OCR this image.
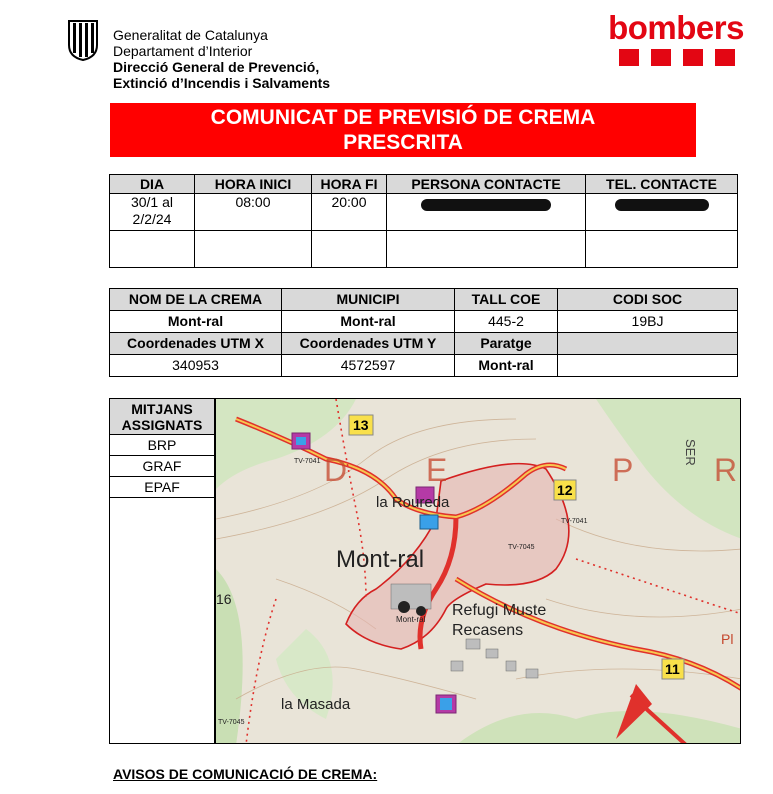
Generalitat de Catalunya
Departament d’Interior
Direcció General de Prevenció,
Extinció d’Incendis i Salvaments
bombers
COMUNICAT DE PREVISIÓ DE CREMA
PRESCRITA
DIA	HORA INICI	HORA FI	PERSONA CONTACTE	TEL. CONTACTE
30/1 al 2/2/24	08:00	20:00		

NOM DE LA CREMA	MUNICIPI	TALL COE	CODI SOC
Mont-ral	Mont-ral	445-2	19BJ
Coordenades UTM X	Coordenades UTM Y	Paratge	
340953	4572597	Mont-ral	
MITJANS
ASSIGNATS
BRP
GRAF
EPAF
13
12
11
D E	P	R
Mont-ral
la Roureda
Refugi Muste
Recasens
la Masada
Mont-ral
TV-7041
TV-7045
TV-7041
TV-7045
16
Pl
SER
AVISOS DE COMUNICACIÓ DE CREMA:
